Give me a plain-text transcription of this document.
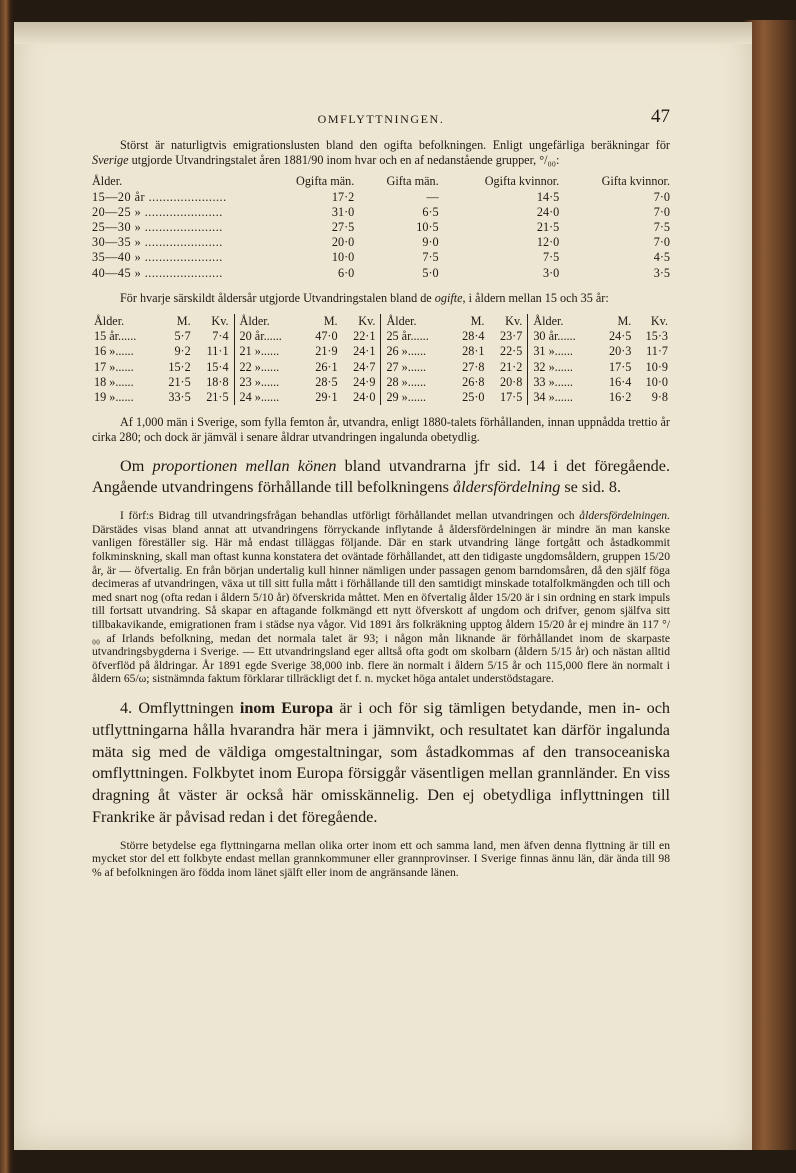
OMFLYTTNINGEN.	47

Störst är naturligtvis emigrationslusten bland den ogifta befolkningen. Enligt ungefärliga beräkningar för Sverige utgjorde Utvandringstalet åren 1881/90 inom hvar och en af nedanstående grupper, °/₀₀:

Ålder.	Ogifta män.	Gifta män.	Ogifta kvinnor.	Gifta kvinnor.
15—20 år ......................	17·2	—	14·5	7·0
20—25 » ......................	31·0	6·5	24·0	7·0
25—30 » ......................	27·5	10·5	21·5	7·5
30—35 » ......................	20·0	9·0	12·0	7·0
35—40 » ......................	10·0	7·5	7·5	4·5
40—45 » ......................	6·0	5·0	3·0	3·5

För hvarje särskildt åldersår utgjorde Utvandringstalen bland de ogifte, i åldern mellan 15 och 35 år:

Ålder.	M.	Kv.	Ålder.	M.	Kv.	Ålder.	M.	Kv.	Ålder.	M.	Kv.
15 år......	5·7	7·4	20 år......	47·0	22·1	25 år......	28·4	23·7	30 år......	24·5	15·3
16 »......	9·2	11·1	21 »......	21·9	24·1	26 »......	28·1	22·5	31 »......	20·3	11·7
17 »......	15·2	15·4	22 »......	26·1	24·7	27 »......	27·8	21·2	32 »......	17·5	10·9
18 »......	21·5	18·8	23 »......	28·5	24·9	28 »......	26·8	20·8	33 »......	16·4	10·0
19 »......	33·5	21·5	24 »......	29·1	24·0	29 »......	25·0	17·5	34 »......	16·2	9·8

Af 1,000 män i Sverige, som fylla femton år, utvandra, enligt 1880-talets förhållanden, innan uppnådda trettio år cirka 280; och dock är jämväl i senare åldrar utvandringen ingalunda obetydlig.

Om proportionen mellan könen bland utvandrarna jfr sid. 14 i det föregående. Angående utvandringens förhållande till befolkningens åldersfördelning se sid. 8.

I förf:s Bidrag till utvandringsfrågan behandlas utförligt förhållandet mellan utvandringen och åldersfördelningen. Därstädes visas bland annat att utvandringens förryckande inflytande å åldersfördelningen är mindre än man kanske vanligen föreställer sig. Här må endast tilläggas följande. Där en stark utvandring länge fortgått och åstadkommit folkminskning, skall man oftast kunna konstatera det oväntade förhållandet, att den tidigaste ungdomsåldern, gruppen 15/20 år, är — öfvertalig. En från början undertalig kull hinner nämligen under passagen genom barndomsåren, då den själf föga decimeras af utvandringen, växa ut till sitt fulla mått i förhållande till den samtidigt minskade totalfolkmängden och till och med snart nog (ofta redan i åldern 5/10 år) öfverskrida måttet. Men en öfvertalig ålder 15/20 är i sin ordning en stark impuls till fortsatt utvandring. Så skapar en aftagande folkmängd ett nytt öfverskott af ungdom och drifver, genom själfva sitt tillbakavikande, emigrationen fram i städse nya vågor. Vid 1891 års folkräkning upptog åldern 15/20 år ej mindre än 117 °/₀₀ af Irlands befolkning, medan det normala talet är 93; i någon mån liknande är förhållandet inom de skarpaste utvandringsbygderna i Sverige. — Ett utvandringsland eger alltså ofta godt om skolbarn (åldern 5/15 år) och nästan alltid öfverflöd på åldringar. År 1891 egde Sverige 38,000 inb. flere än normalt i åldern 5/15 år och 115,000 flere än normalt i åldern 65/ω; sistnämnda faktum förklarar tillräckligt det f. n. mycket höga antalet understödstagare.

4. Omflyttningen inom Europa är i och för sig tämligen betydande, men in- och utflyttningarna hålla hvarandra här mera i jämnvikt, och resultatet kan därför ingalunda mäta sig med de väldiga omgestaltningar, som åstadkommas af den transoceaniska omflyttningen. Folkbytet inom Europa försiggår väsentligen mellan grannländer. En viss dragning åt väster är också här omisskännelig. Den ej obetydliga inflyttningen till Frankrike är påvisad redan i det föregående.

Större betydelse ega flyttningarna mellan olika orter inom ett och samma land, men äfven denna flyttning är till en mycket stor del ett folkbyte endast mellan grannkommuner eller grannprovinser. I Sverige finnas ännu län, där ända till 98 % af befolkningen äro födda inom länet själft eller inom de angränsande länen.
